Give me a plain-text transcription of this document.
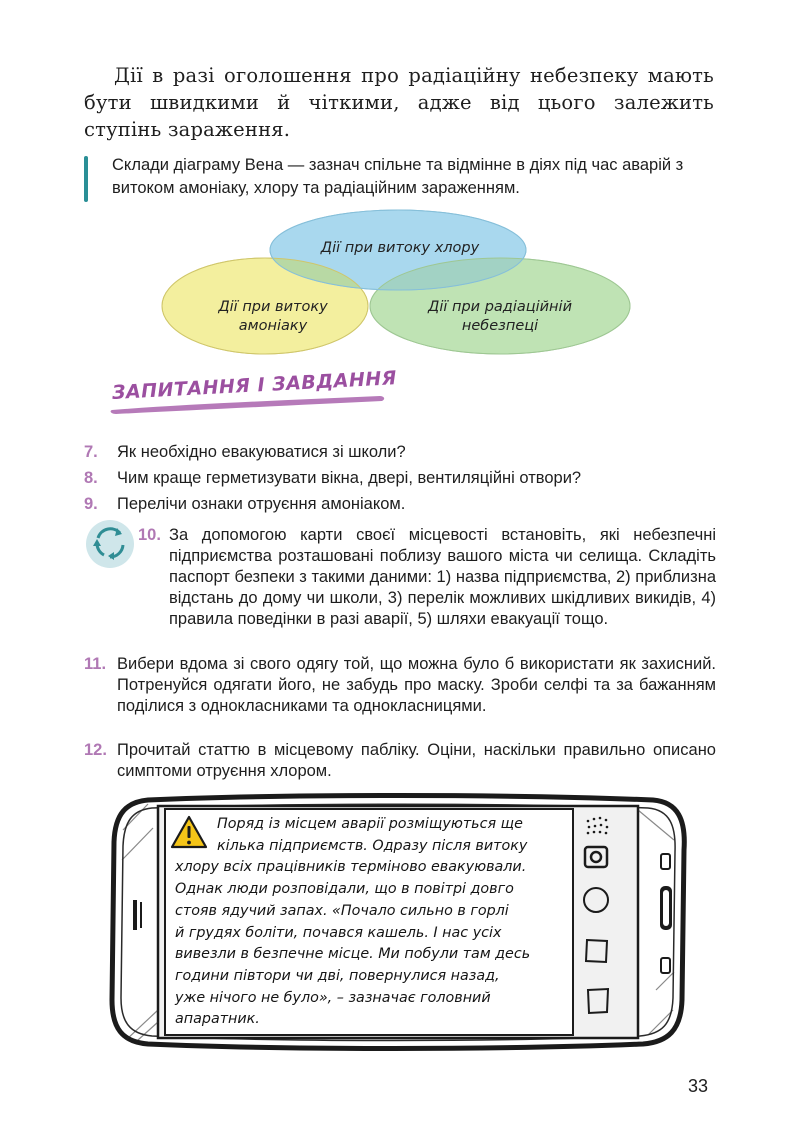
Дії в разі оголошення про радіаційну небезпеку мають бути швидкими й чіткими, адже від цього залежить ступінь зараження.

Склади діаграму Вена — зазнач спільне та відмінне в діях під час аварій з витоком амоніаку, хлору та радіаційним зараженням.

Дії при витоку хлору
Дії при витоку
амоніаку
Дії при радіаційній
небезпеці
ЗАПИТАННЯ І ЗАВДАННЯ
7. Як необхідно евакуюватися зі школи?
8. Чим краще герметизувати вікна, двері, вентиляційні отвори?
9. Перелічи ознаки отруєння амоніаком.
10. За допомогою карти своєї місцевості встановіть, які небезпечні підприємства розташовані поблизу вашого міста чи селища. Складіть паспорт безпеки з такими даними: 1) назва підприємства, 2) приблизна відстань до дому чи школи, 3) перелік можливих шкідливих викидів, 4) правила поведінки в разі аварії, 5) шляхи евакуації тощо.
11. Вибери вдома зі свого одягу той, що можна було б використати як захисний. Потренуйся одягати його, не забудь про маску. Зроби селфі та за бажанням поділися з однокласниками та однокласницями.
12. Прочитай статтю в місцевому пабліку. Оціни, наскільки правильно описано симптоми отруєння хлором.
Поряд із місцем аварії розміщуються ще
кілька підприємств. Одразу після витоку
хлору всіх працівників терміново евакуювали.
Однак люди розповідали, що в повітрі довго
стояв ядучий запах. «Почало сильно в горлі
й грудях боліти, почався кашель. І нас усіх
вивезли в безпечне місце. Ми побули там десь
години півтори чи дві, повернулися назад,
уже нічого не було», – зазначає головний
апаратник.
33
